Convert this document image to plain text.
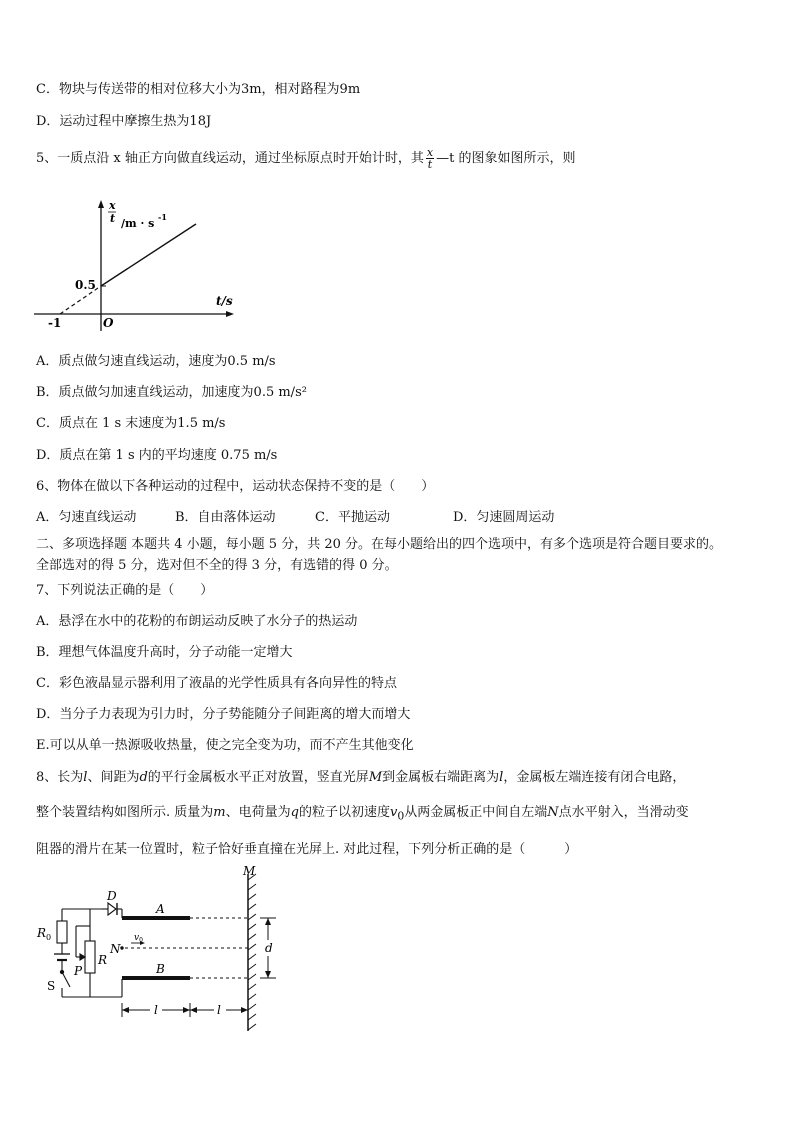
C．物块与传送带的相对位移大小为3m，相对路程为9m
D．运动过程中摩擦生热为18J
5、一质点沿 x 轴正方向做直线运动，通过坐标原点时开始计时，其 $\frac{x}{t}$ —t 的图象如图所示，则
x
t /m · s -1
0.5
t/s
-1	O
A．质点做匀速直线运动，速度为0.5 m/s
B．质点做匀加速直线运动，加速度为0.5 m/s²
C．质点在 1 s 末速度为1.5 m/s
D．质点在第 1 s 内的平均速度 0.75 m/s
6、物体在做以下各种运动的过程中，运动状态保持不变的是（　　）
A．匀速直线运动	B．自由落体运动	C．平抛运动	D．匀速圆周运动
二、多项选择题 本题共 4 小题，每小题 5 分，共 20 分。在每小题给出的四个选项中，有多个选项是符合题目要求的。
全部选对的得 5 分，选对但不全的得 3 分，有选错的得 0 分。
7、下列说法正确的是（　　）
A．悬浮在水中的花粉的布朗运动反映了水分子的热运动
B．理想气体温度升高时，分子动能一定增大
C．彩色液晶显示器利用了液晶的光学性质具有各向异性的特点
D．当分子力表现为引力时，分子势能随分子间距离的增大而增大
E.可以从单一热源吸收热量，使之完全变为功，而不产生其他变化
8、长为l、间距为d的平行金属板水平正对放置，竖直光屏M到金属板右端距离为l，金属板左端连接有闭合电路，
整个装置结构如图所示. 质量为m、电荷量为q的粒子以初速度$v_0$从两金属板正中间自左端N点水平射入，当滑动变
阻器的滑片在某一位置时，粒子恰好垂直撞在光屏上. 对此过程，下列分析正确的是（　　　）
D
A
B
$R_0$
R
P
N
$v_0$
S
M
d
l	l
